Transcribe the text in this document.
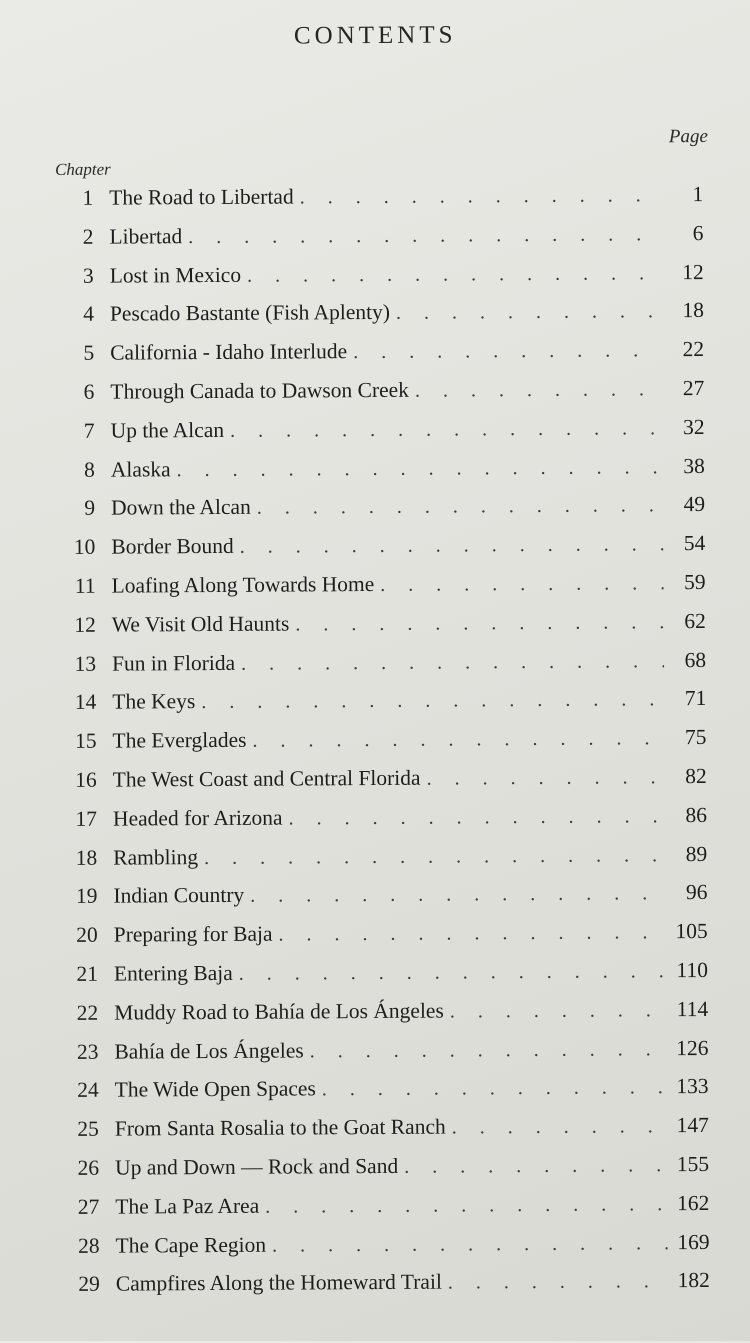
CONTENTS
Page
Chapter
1 The Road to Libertad . . .	1
2 Libertad . . .	6
3 Lost in Mexico . . .	12
4 Pescado Bastante (Fish Aplenty) . . .	18
5 California - Idaho Interlude . . .	22
6 Through Canada to Dawson Creek . . .	27
7 Up the Alcan . . .	32
8 Alaska . . .	38
9 Down the Alcan . . .	49
10 Border Bound . . .	54
11 Loafing Along Towards Home . . .	59
12 We Visit Old Haunts . . .	62
13 Fun in Florida . . .	68
14 The Keys . . .	71
15 The Everglades . . .	75
16 The West Coast and Central Florida . . .	82
17 Headed for Arizona . . .	86
18 Rambling . . .	89
19 Indian Country . . .	96
20 Preparing for Baja . . .	105
21 Entering Baja . . .	110
22 Muddy Road to Bahía de Los Ángeles . . .	114
23 Bahía de Los Ángeles . . .	126
24 The Wide Open Spaces . . .	133
25 From Santa Rosalia to the Goat Ranch . . .	147
26 Up and Down — Rock and Sand . . .	155
27 The La Paz Area . . .	162
28 The Cape Region . . .	169
29 Campfires Along the Homeward Trail . . .	182
